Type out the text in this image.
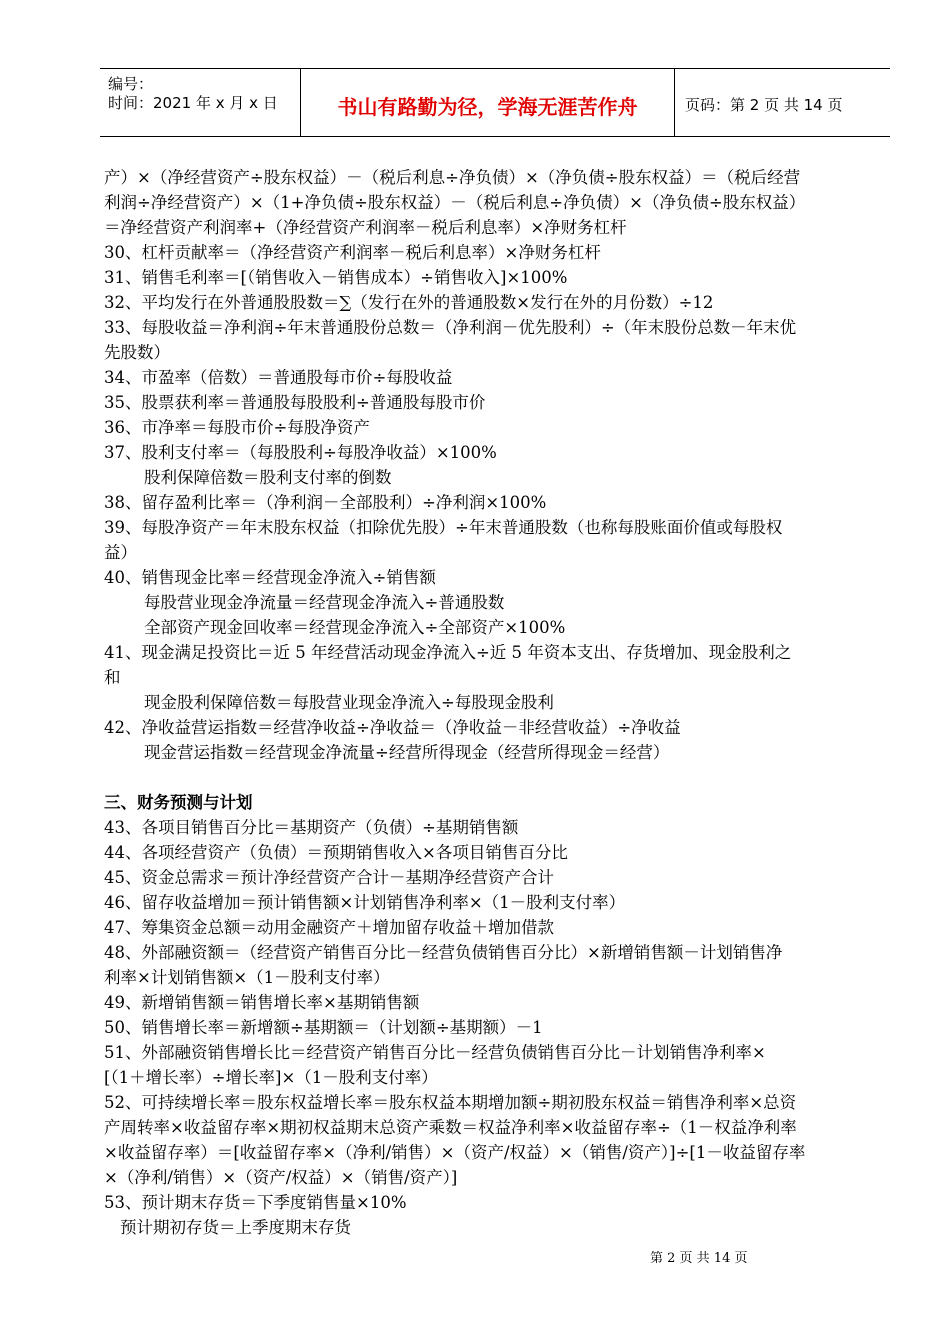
编号：
时间：2021 年 x 月 x 日	书山有路勤为径，学海无涯苦作舟	页码：第 2 页 共 14 页
产）×（净经营资产÷股东权益）－（税后利息÷净负债）×（净负债÷股东权益）＝（税后经营
利润÷净经营资产）×（1+净负债÷股东权益）－（税后利息÷净负债）×（净负债÷股东权益）
＝净经营资产利润率+（净经营资产利润率－税后利息率）×净财务杠杆
30、杠杆贡献率＝（净经营资产利润率－税后利息率）×净财务杠杆
31、销售毛利率＝[（销售收入－销售成本）÷销售收入]×100%
32、平均发行在外普通股股数＝∑（发行在外的普通股数×发行在外的月份数）÷12
33、每股收益＝净利润÷年末普通股份总数＝（净利润－优先股利）÷（年末股份总数－年末优
先股数）
34、市盈率（倍数）＝普通股每市价÷每股收益
35、股票获利率＝普通股每股股利÷普通股每股市价
36、市净率＝每股市价÷每股净资产
37、股利支付率＝（每股股利÷每股净收益）×100%
股利保障倍数＝股利支付率的倒数
38、留存盈利比率＝（净利润－全部股利）÷净利润×100%
39、每股净资产＝年末股东权益（扣除优先股）÷年末普通股数（也称每股账面价值或每股权
益）
40、销售现金比率＝经营现金净流入÷销售额
每股营业现金净流量＝经营现金净流入÷普通股数
全部资产现金回收率＝经营现金净流入÷全部资产×100%
41、现金满足投资比＝近 5 年经营活动现金净流入÷近 5 年资本支出、存货增加、现金股利之
和
现金股利保障倍数＝每股营业现金净流入÷每股现金股利
42、净收益营运指数＝经营净收益÷净收益＝（净收益－非经营收益）÷净收益
现金营运指数＝经营现金净流量÷经营所得现金（经营所得现金＝经营）
三、财务预测与计划
43、各项目销售百分比＝基期资产（负债）÷基期销售额
44、各项经营资产（负债）＝预期销售收入×各项目销售百分比
45、资金总需求＝预计净经营资产合计－基期净经营资产合计
46、留存收益增加＝预计销售额×计划销售净利率×（1－股利支付率）
47、筹集资金总额＝动用金融资产＋增加留存收益＋增加借款
48、外部融资额＝（经营资产销售百分比－经营负债销售百分比）×新增销售额－计划销售净
利率×计划销售额×（1－股利支付率）
49、新增销售额＝销售增长率×基期销售额
50、销售增长率＝新增额÷基期额＝（计划额÷基期额）－1
51、外部融资销售增长比＝经营资产销售百分比－经营负债销售百分比－计划销售净利率×
[（1＋增长率）÷增长率]×（1－股利支付率）
52、可持续增长率＝股东权益增长率＝股东权益本期增加额÷期初股东权益＝销售净利率×总资
产周转率×收益留存率×期初权益期末总资产乘数＝权益净利率×收益留存率÷（1－权益净利率
×收益留存率）＝[收益留存率×（净利/销售）×（资产/权益）×（销售/资产）]÷[1－收益留存率
×（净利/销售）×（资产/权益）×（销售/资产）]
53、预计期末存货＝下季度销售量×10%
预计期初存货＝上季度期末存货
第 2 页 共 14 页
